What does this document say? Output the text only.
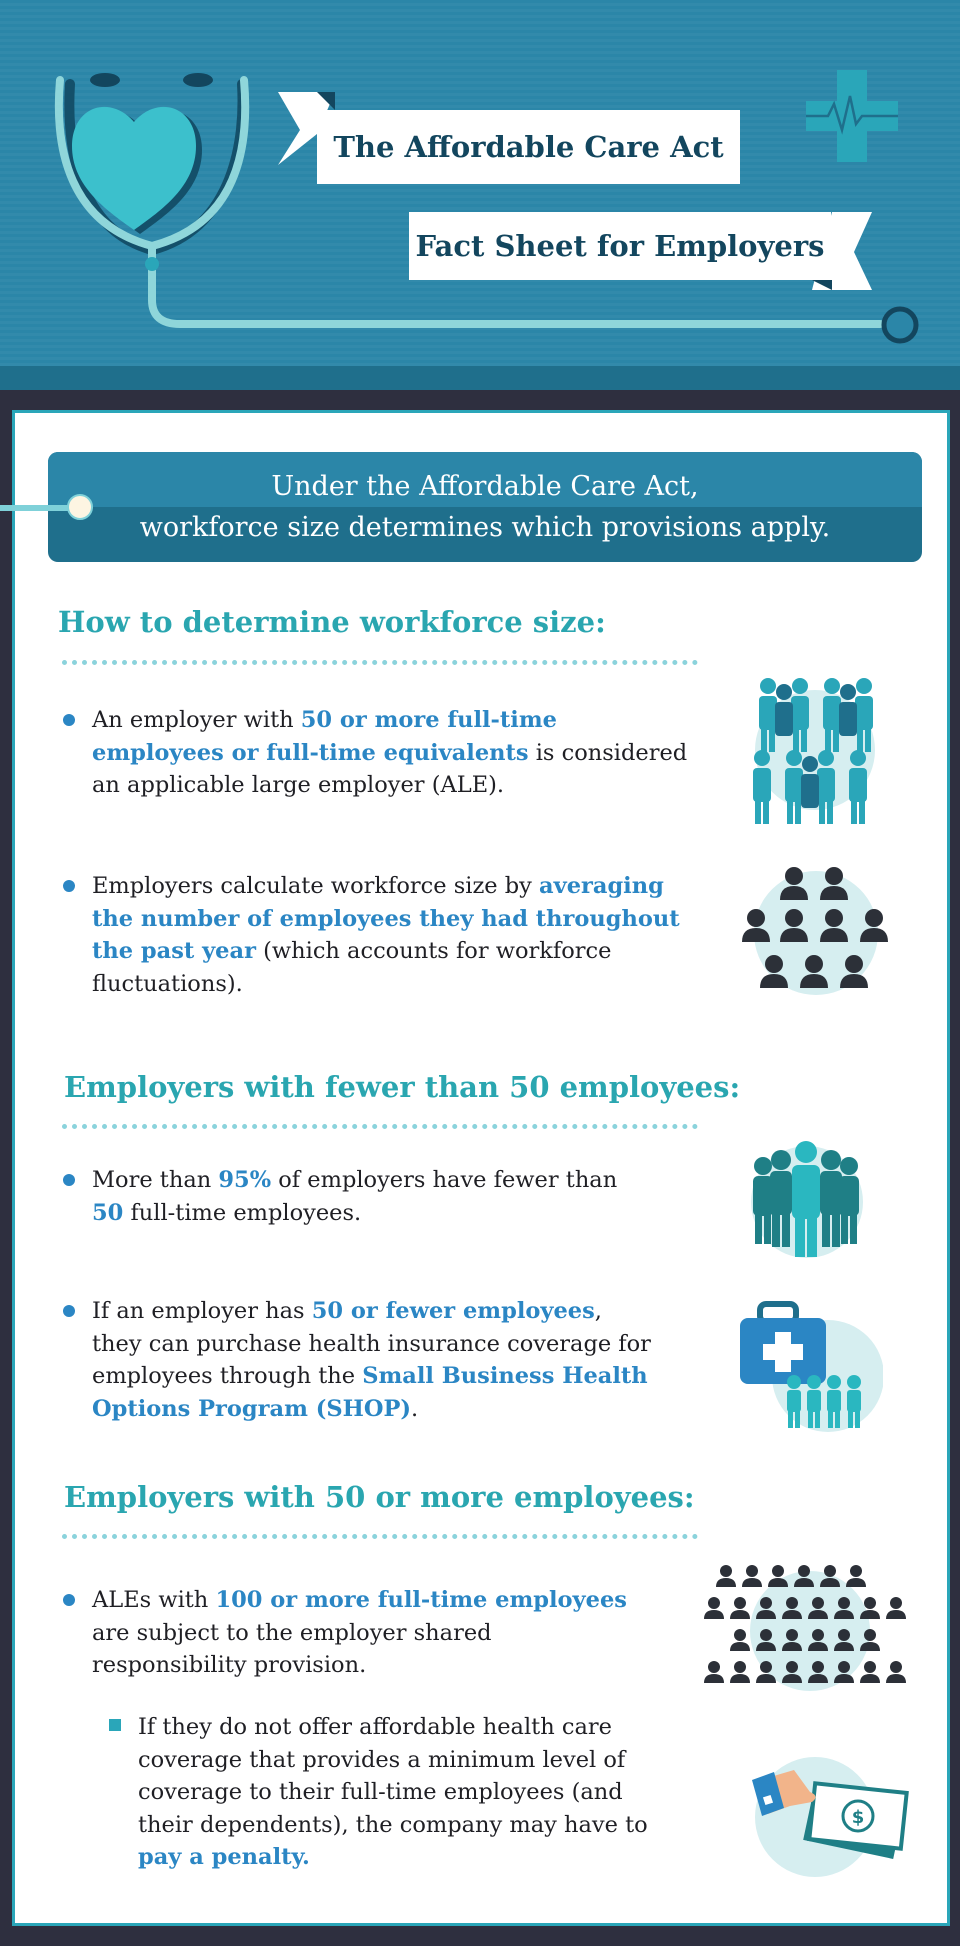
The Affordable Care Act
Fact Sheet for Employers
Under the Affordable Care Act,
workforce size determines which provisions apply.
How to determine workforce size:
An employer with 50 or more full-time employees or full-time equivalents is considered an applicable large employer (ALE).
Employers calculate workforce size by averaging the number of employees they had throughout the past year (which accounts for workforce fluctuations).
Employers with fewer than 50 employees:
More than 95% of employers have fewer than 50 full-time employees.
If an employer has 50 or fewer employees, they can purchase health insurance coverage for employees through the Small Business Health Options Program (SHOP).
Employers with 50 or more employees:
ALEs with 100 or more full-time employees are subject to the employer shared responsibility provision.
If they do not offer affordable health care coverage that provides a minimum level of coverage to their full-time employees (and their dependents), the company may have to pay a penalty.
$
